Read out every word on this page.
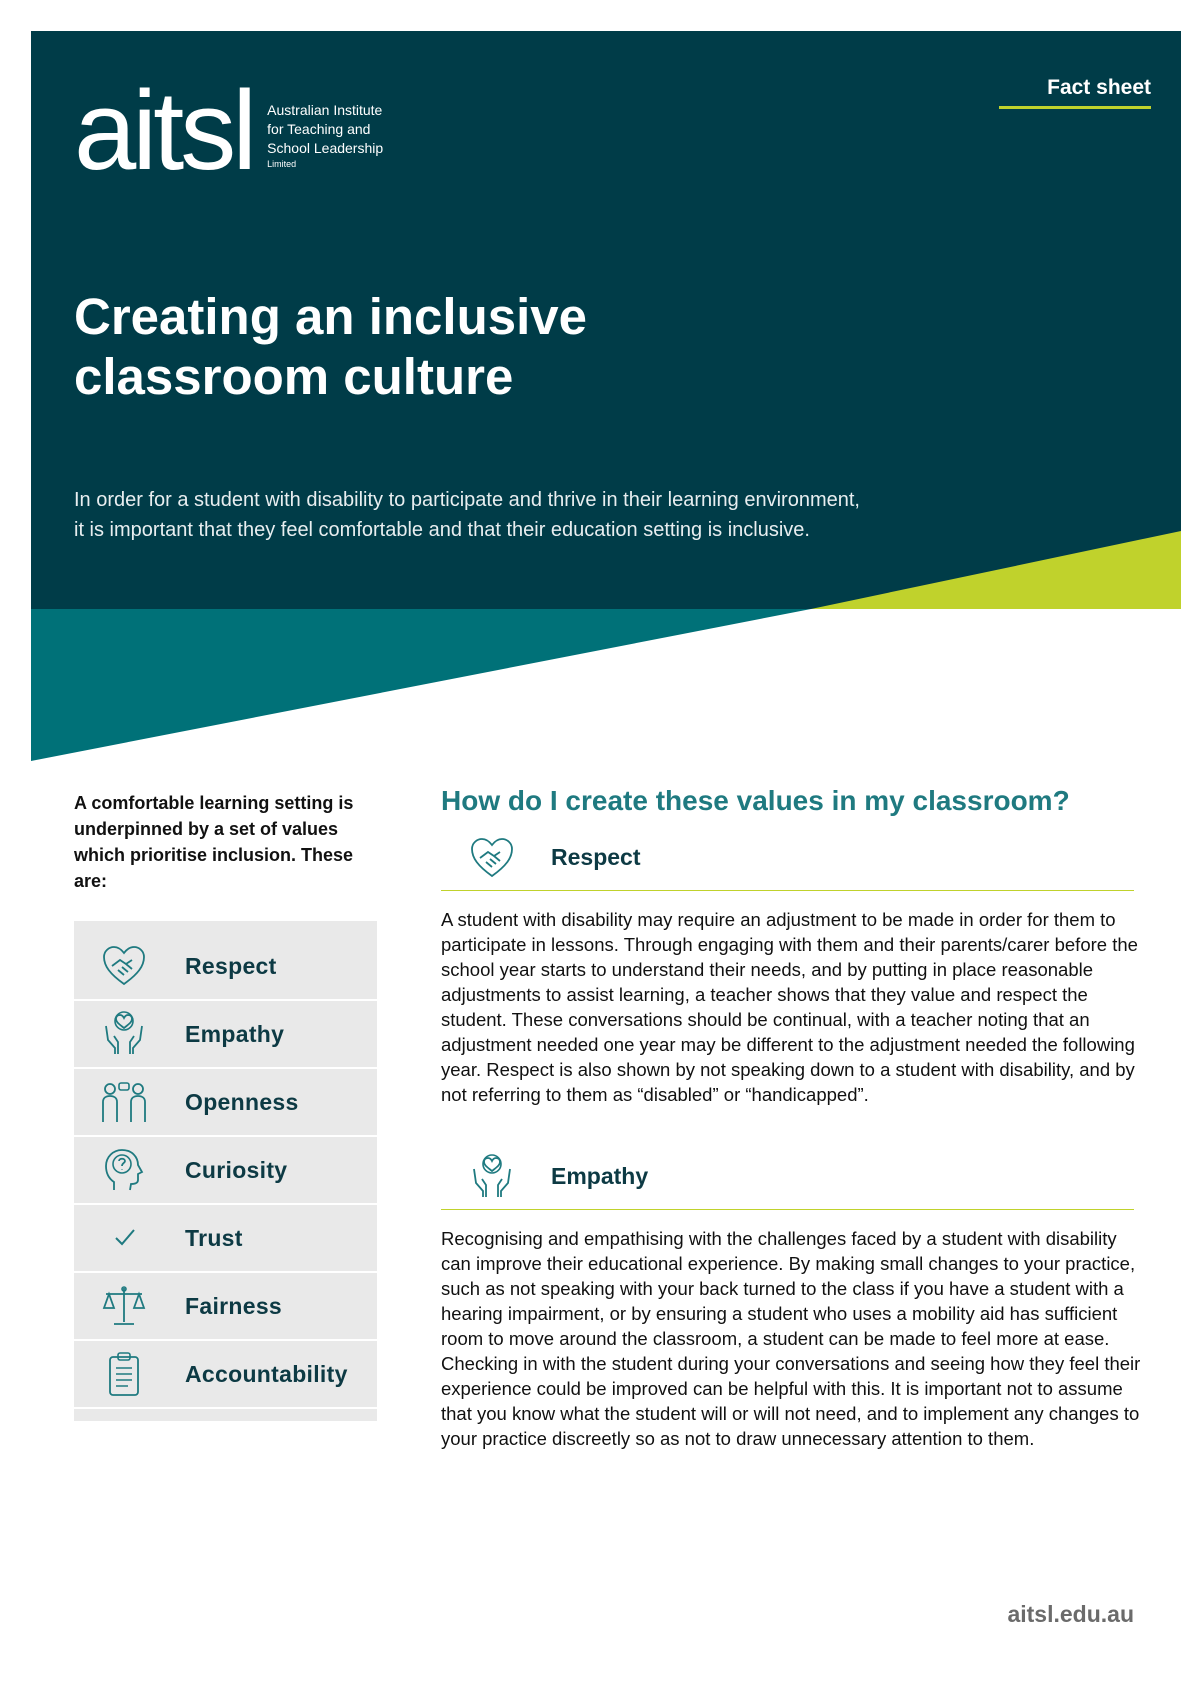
aitsl Australian Institute
for Teaching and
School Leadership
Limited
Fact sheet
Creating an inclusive
classroom culture

In order for a student with disability to participate and thrive in their learning environment,
it is important that they feel comfortable and that their education setting is inclusive.

A comfortable learning setting is underpinned by a set of values which prioritise inclusion. These are:

Respect
Empathy
Openness
Curiosity
Trust
Fairness
Accountability
How do I create these values in my classroom?
Respect

A student with disability may require an adjustment to be made in order for them to participate in lessons. Through engaging with them and their parents/carer before the school year starts to understand their needs, and by putting in place reasonable adjustments to assist learning, a teacher shows that they value and respect the student. These conversations should be continual, with a teacher noting that an adjustment needed one year may be different to the adjustment needed the following year. Respect is also shown by not speaking down to a student with disability, and by not referring to them as “disabled” or “handicapped”.

Empathy

Recognising and empathising with the challenges faced by a student with disability can improve their educational experience. By making small changes to your practice, such as not speaking with your back turned to the class if you have a student with a hearing impairment, or by ensuring a student who uses a mobility aid has sufficient room to move around the classroom, a student can be made to feel more at ease. Checking in with the student during your conversations and seeing how they feel their experience could be improved can be helpful with this. It is important not to assume that you know what the student will or will not need, and to implement any changes to your practice discreetly so as not to draw unnecessary attention to them.

aitsl.edu.au
